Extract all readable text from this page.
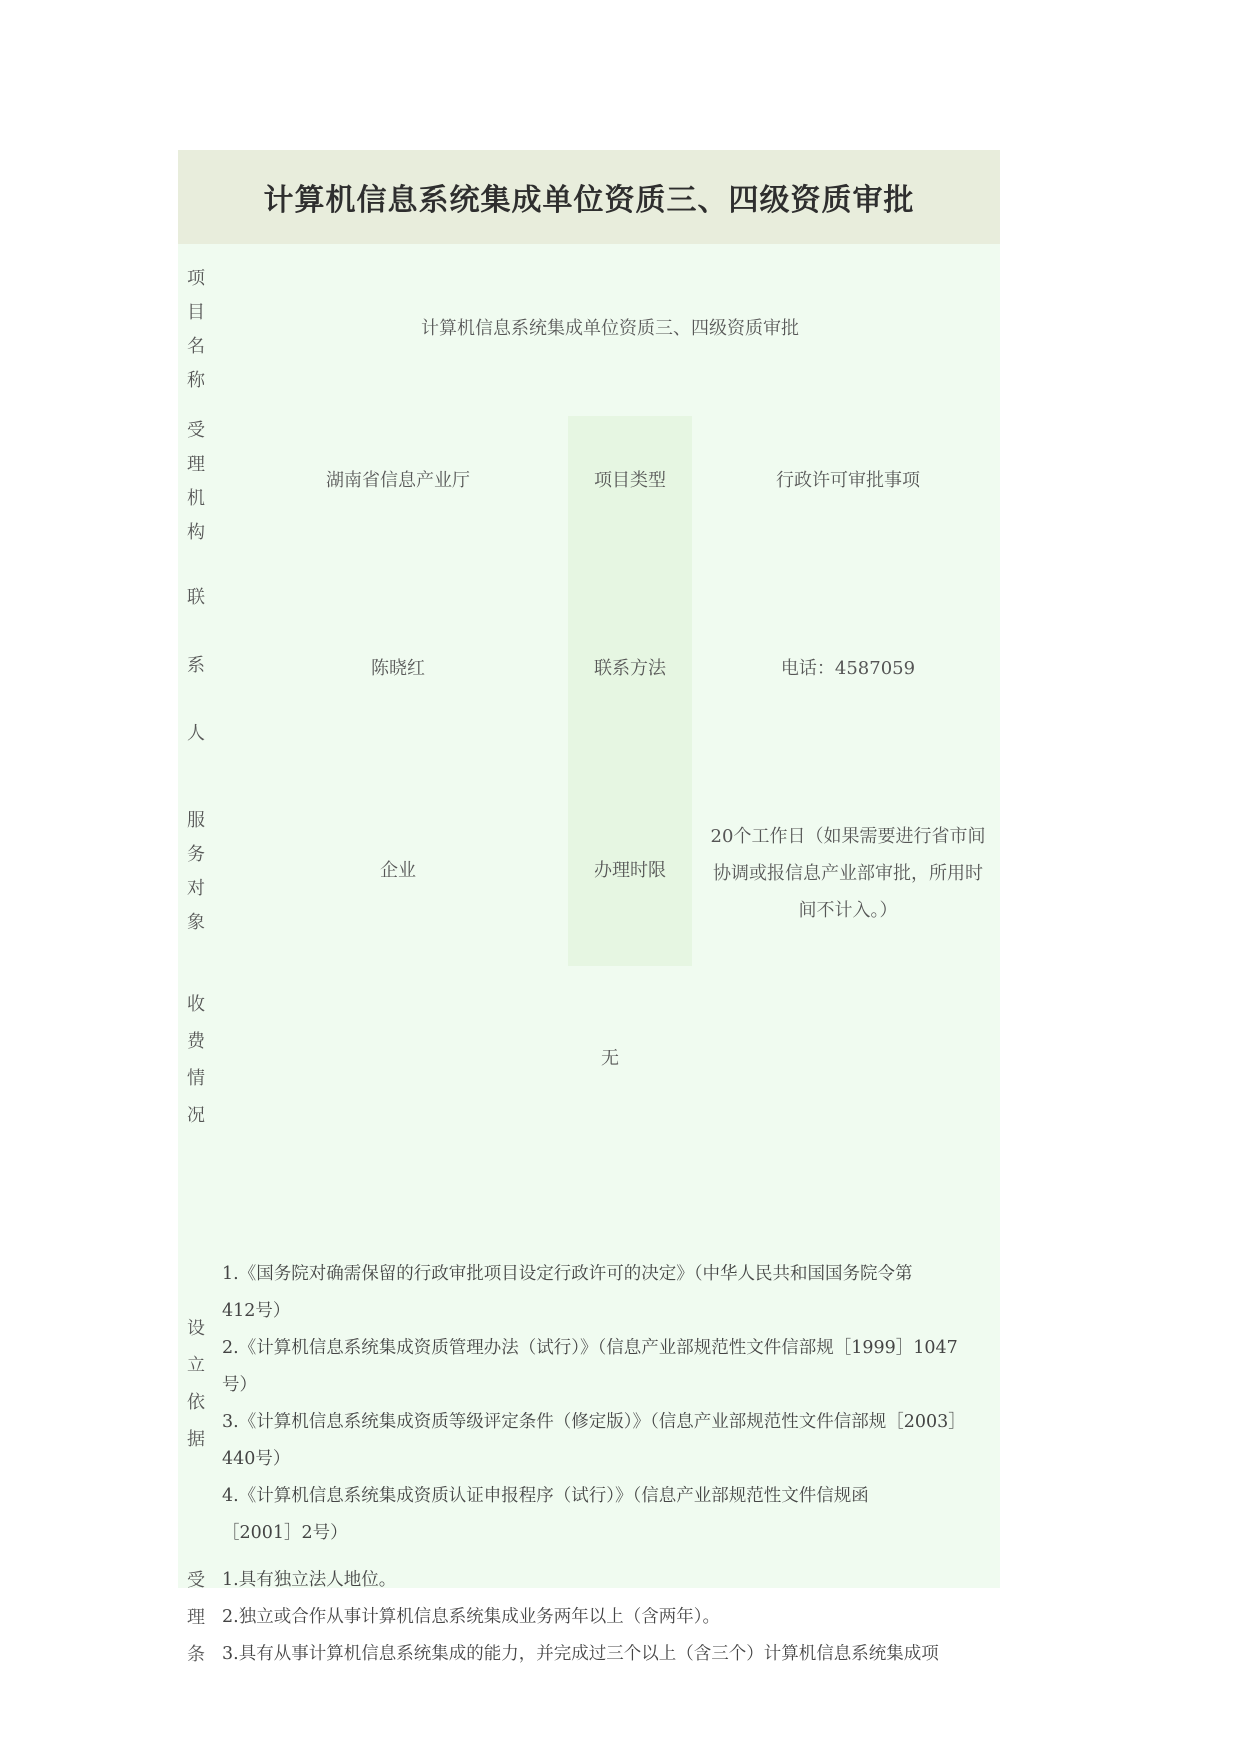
计算机信息系统集成单位资质三、四级资质审批
项
目
名
称
计算机信息系统集成单位资质三、四级资质审批
受
理
机
构
湖南省信息产业厅	项目类型	行政许可审批事项
联
系
人
陈晓红	联系方法	电话：4587059
服
务
对
象
企业	办理时限
20个工作日（如果需要进行省市间
协调或报信息产业部审批，所用时
间不计入。）
收
费
情
况
无
设
立
依
据
1.《国务院对确需保留的行政审批项目设定行政许可的决定》（中华人民共和国国务院令第
412号）
2.《计算机信息系统集成资质管理办法（试行）》（信息产业部规范性文件信部规［1999］1047
号）
3.《计算机信息系统集成资质等级评定条件（修定版）》（信息产业部规范性文件信部规［2003］
440号）
4.《计算机信息系统集成资质认证申报程序（试行）》（信息产业部规范性文件信规函
［2001］2号）
受
理
条
1.具有独立法人地位。
2.独立或合作从事计算机信息系统集成业务两年以上（含两年）。
3.具有从事计算机信息系统集成的能力，并完成过三个以上（含三个）计算机信息系统集成项
